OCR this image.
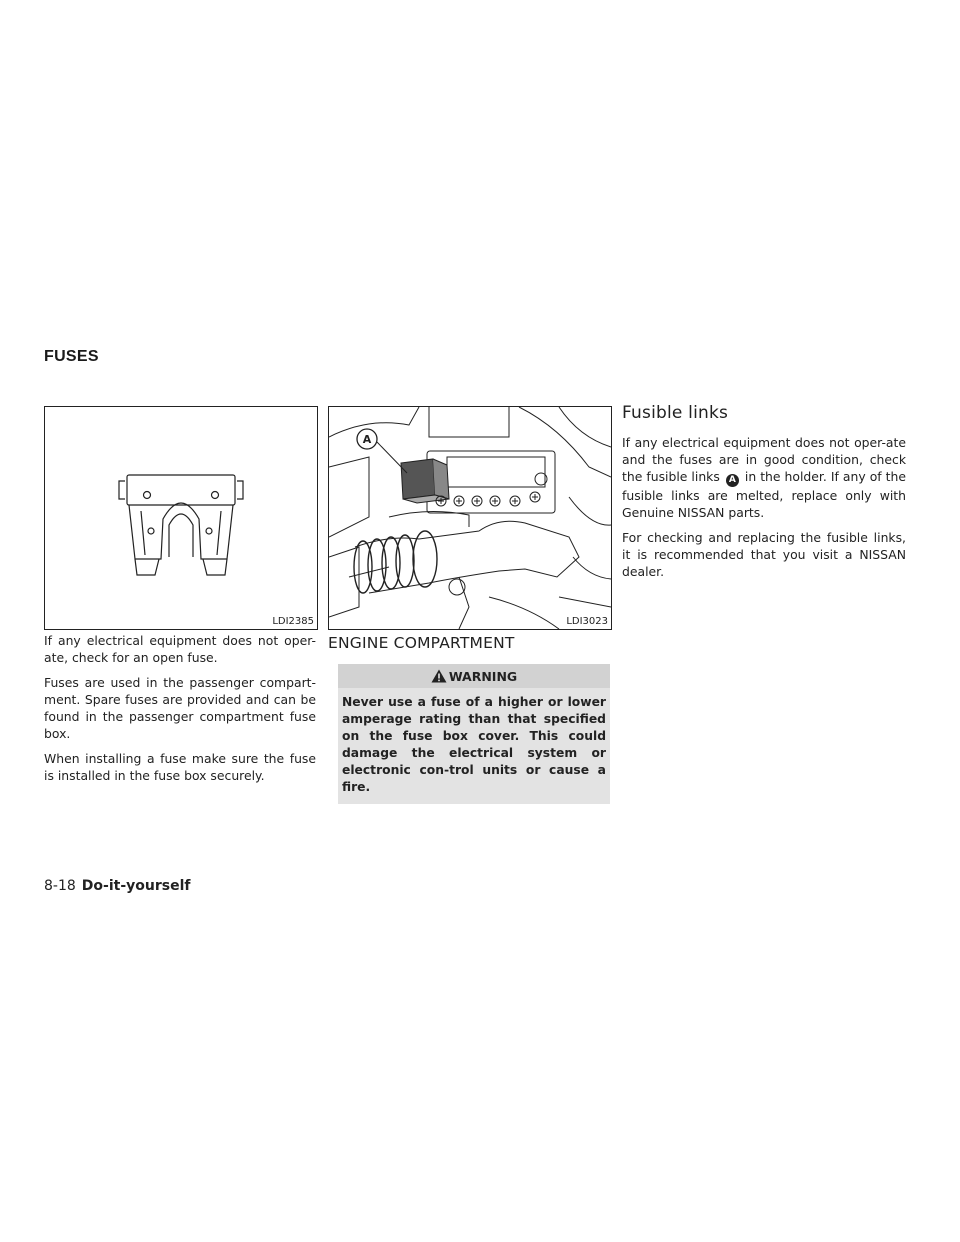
FUSES
LDI2385
A
LDI3023

If any electrical equipment does not oper-ate, check for an open fuse.

Fuses are used in the passenger compart-ment. Spare fuses are provided and can be found in the passenger compartment fuse box.

When installing a fuse make sure the fuse is installed in the fuse box securely.

ENGINE COMPARTMENT
WARNING
Never use a fuse of a higher or lower amperage rating than that specified on the fuse box cover. This could damage the electrical system or electronic con-trol units or cause a fire.
Fusible links

If any electrical equipment does not oper-ate and the fuses are in good condition, check the fusible links A in the holder. If any of the fusible links are melted, replace only with Genuine NISSAN parts.

For checking and replacing the fusible links, it is recommended that you visit a NISSAN dealer.

8-18 Do-it-yourself
